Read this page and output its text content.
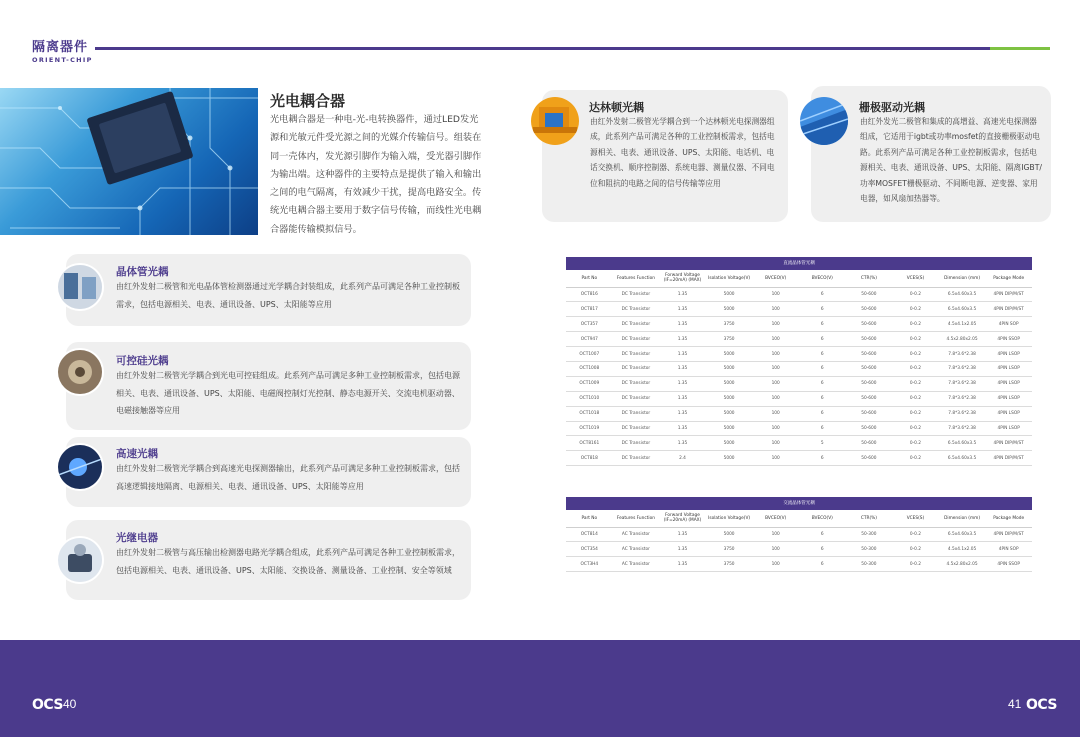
隔离器件
ORIENT-CHIP
光电耦合器
光电耦合器是一种电-光-电转换器件，通过LED发光源和光敏元件受光源之间的光媒介传输信号。组装在同一壳体内，发光源引脚作为输入端，受光器引脚作为输出端。这种器件的主要特点是提供了输入和输出之间的电气隔离，有效减少干扰，提高电路安全。传统光电耦合器主要用于数字信号传输，而线性光电耦合器能传输模拟信号。
达林顿光耦
由红外发射二极管光学耦合到一个达林顿光电探测器组成，此系列产品可满足各种的工业控制板需求，包括电源相关、电表、通讯设备、UPS、太阳能、电话机、电话交换机、顺序控制器、系统电器、测量仪器、不同电位和阻抗的电路之间的信号传输等应用
栅极驱动光耦
由红外发光二极管和集成的高增益、高速光电探测器组成，它适用于igbt或功率mosfet的直接栅极驱动电路。此系列产品可满足各种工业控制板需求，包括电源相关、电表、通讯设备、UPS、太阳能、隔离IGBT/功率MOSFET栅极驱动、不间断电源、逆变器、家用电器，如风扇加热器等。
晶体管光耦
由红外发射二极管和光电晶体管检测器通过光学耦合封装组成，此系列产品可满足各种工业控制板需求，包括电源相关、电表、通讯设备、UPS、太阳能等应用
可控硅光耦
由红外发射二极管光学耦合到光电可控硅组成。此系列产品可满足多种工业控制板需求，包括电源相关、电表、通讯设备、UPS、太阳能、电磁阀控制灯光控制、静态电源开关、交流电机驱动器、电磁接触器等应用
高速光耦
由红外发射二极管光学耦合到高速光电探测器输出，此系列产品可满足多种工业控制板需求，包括高速逻辑接地隔离、电源相关、电表、通讯设备、UPS、太阳能等应用
光继电器
由红外发射二极管与高压输出检测器电路光学耦合组成，此系列产品可满足各种工业控制板需求，包括电源相关、电表、通讯设备、UPS、太阳能、交换设备、测量设备、工业控制、安全等领域
直流晶体管光耦
Part No	Features Function	Forward Voltage (IF=20mA) (MAX)	Isolation Voltage(V)	BVCEO(V)	BVECO(V)	CTR(%)	VCES(S)	Dimension (mm)	Package Mode
OCT816	DC Transistor	1.35	5000	100	6	50-600	0-0.2	6.5x4.60x3.5	4PIN DIP/M/ST
OCT817	DC Transistor	1.35	5000	100	6	50-600	0-0.2	6.5x4.60x3.5	4PIN DIP/M/ST
OCT357	DC Transistor	1.35	3750	100	6	50-600	0-0.2	4.5x4.1x2.05	4PIN SOP
OCT947	DC Transistor	1.35	3750	100	6	50-600	0-0.2	4.5x2.80x2.05	4PIN SSOP
OCT1007	DC Transistor	1.35	5000	100	6	50-600	0-0.2	7.8*3.6*2.38	4PIN LSOP
OCT1008	DC Transistor	1.35	5000	100	6	50-600	0-0.2	7.8*3.6*2.38	4PIN LSOP
OCT1009	DC Transistor	1.35	5000	100	6	50-600	0-0.2	7.8*3.6*2.38	4PIN LSOP
OCT1010	DC Transistor	1.35	5000	100	6	50-600	0-0.2	7.8*3.6*2.38	4PIN LSOP
OCT1018	DC Transistor	1.35	5000	100	6	50-600	0-0.2	7.8*3.6*2.38	4PIN LSOP
OCT1019	DC Transistor	1.35	5000	100	6	50-600	0-0.2	7.8*3.6*2.38	4PIN LSOP
OCT8161	DC Transistor	1.35	5000	100	5	50-600	0-0.2	6.5x4.60x3.5	4PIN DIP/M/ST
OCT818	DC Transistor	2.4	5000	100	6	50-600	0-0.2	6.5x4.60x3.5	4PIN DIP/M/ST
交流晶体管光耦
Part No	Features Function	Forward Voltage (IF=20mA) (MAX)	Isolation Voltage(V)	BVCEO(V)	BVECO(V)	CTR(%)	VCES(S)	Dimension (mm)	Package Mode
OCT814	AC Transistor	1.35	5000	100	6	50-300	0-0.2	6.5x4.60x3.5	4PIN DIP/M/ST
OCT354	AC Transistor	1.35	3750	100	6	50-300	0-0.2	4.5x4.1x2.05	4PIN SOP
OCT3H4	AC Transistor	1.35	3750	100	6	50-300	0-0.2	4.5x2.80x2.05	4PIN SSOP
OCS 40	41 OCS
